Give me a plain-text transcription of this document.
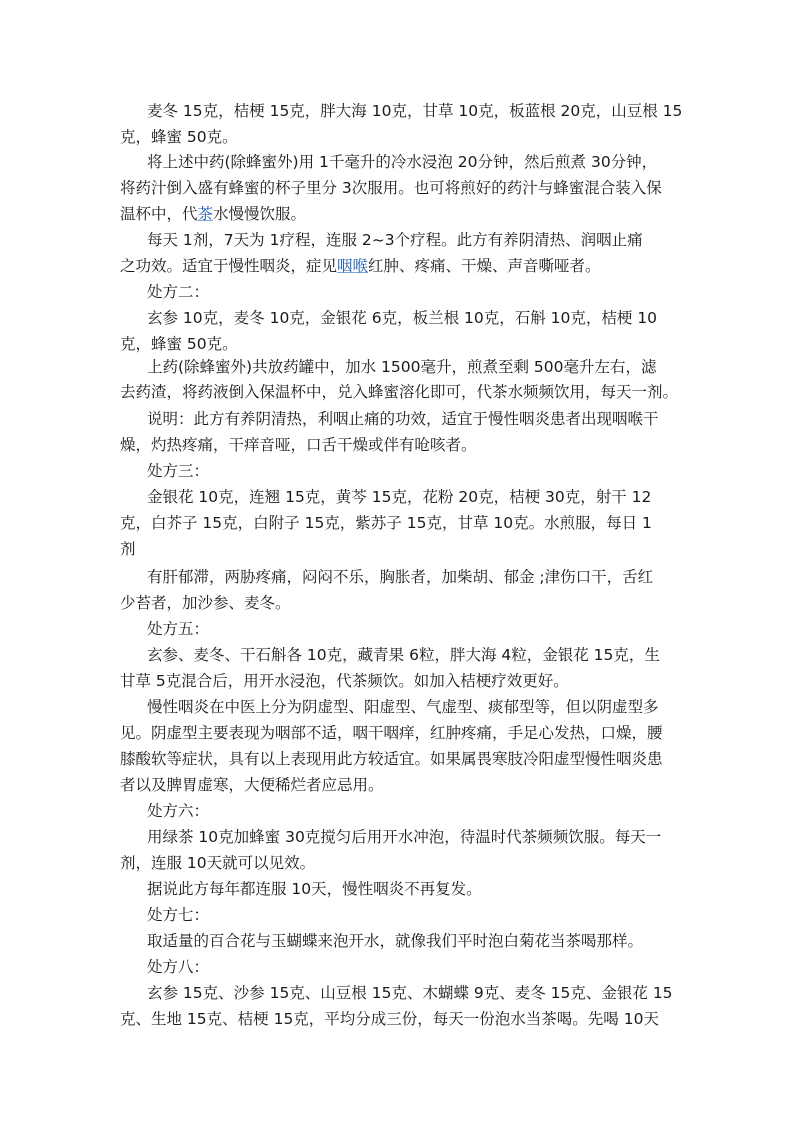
麦冬 15克，桔梗 15克，胖大海 10克，甘草 10克，板蓝根 20克，山豆根 15
克，蜂蜜 50克。
将上述中药(除蜂蜜外)用 1千毫升的冷水浸泡 20分钟，然后煎煮 30分钟，
将药汁倒入盛有蜂蜜的杯子里分 3次服用。也可将煎好的药汁与蜂蜜混合装入保
温杯中，代茶水慢慢饮服。
每天 1剂，7天为 1疗程，连服 2~3个疗程。此方有养阴清热、润咽止痛
之功效。适宜于慢性咽炎，症见咽喉红肿、疼痛、干燥、声音嘶哑者。
处方二：
玄参 10克，麦冬 10克，金银花 6克，板兰根 10克，石斛 10克，桔梗 10
克，蜂蜜 50克。
上药(除蜂蜜外)共放药罐中，加水 1500毫升，煎煮至剩 500毫升左右，滤
去药渣，将药液倒入保温杯中，兑入蜂蜜溶化即可，代茶水频频饮用，每天一剂。
说明：此方有养阴清热，利咽止痛的功效，适宜于慢性咽炎患者出现咽喉干
燥，灼热疼痛，干痒音哑，口舌干燥或伴有呛咳者。
处方三：
金银花 10克，连翘 15克，黄芩 15克，花粉 20克，桔梗 30克，射干 12
克，白芥子 15克，白附子 15克，紫苏子 15克，甘草 10克。水煎服，每日 1
剂
有肝郁滞，两胁疼痛，闷闷不乐，胸胀者，加柴胡、郁金 ;津伤口干，舌红
少苔者，加沙参、麦冬。
处方五：
玄参、麦冬、干石斛各 10克，藏青果 6粒，胖大海 4粒，金银花 15克，生
甘草 5克混合后，用开水浸泡，代茶频饮。如加入桔梗疗效更好。
慢性咽炎在中医上分为阴虚型、阳虚型、气虚型、痰郁型等，但以阴虚型多
见。阴虚型主要表现为咽部不适，咽干咽痒，红肿疼痛，手足心发热，口燥，腰
膝酸软等症状，具有以上表现用此方较适宜。如果属畏寒肢冷阳虚型慢性咽炎患
者以及脾胃虚寒，大便稀烂者应忌用。
处方六：
用绿茶 10克加蜂蜜 30克搅匀后用开水冲泡，待温时代茶频频饮服。每天一
剂，连服 10天就可以见效。
据说此方每年都连服 10天，慢性咽炎不再复发。
处方七：
取适量的百合花与玉蝴蝶来泡开水，就像我们平时泡白菊花当茶喝那样。
处方八：
玄参 15克、沙参 15克、山豆根 15克、木蝴蝶 9克、麦冬 15克、金银花 15
克、生地 15克、桔梗 15克，平均分成三份，每天一份泡水当茶喝。先喝 10天
